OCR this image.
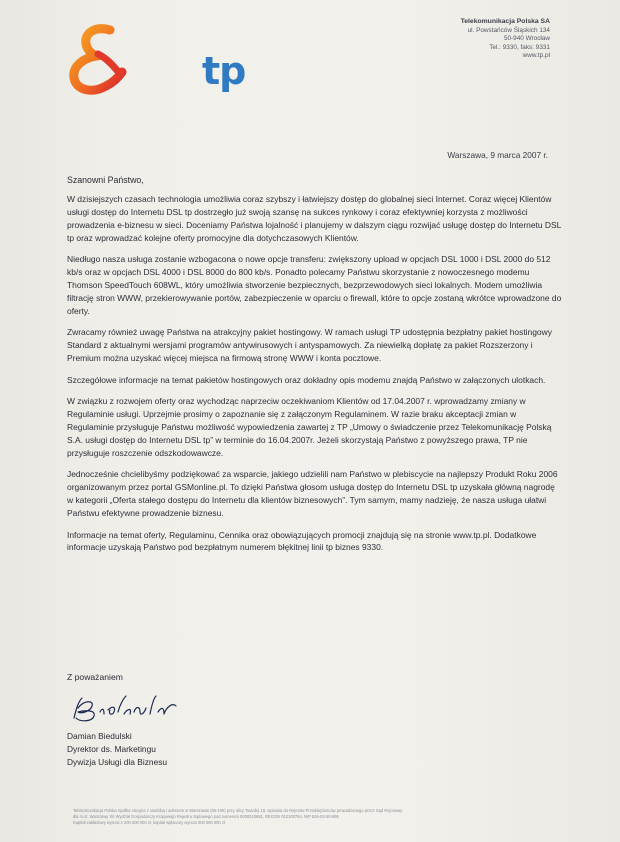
tp
Telekomunikacja Polska SA
ul. Powstańców Śląskich 134
50-940 Wrocław
Tel.: 9330, faks: 9331
www.tp.pl
Warszawa, 9 marca 2007 r.
Szanowni Państwo,

W dzisiejszych czasach technologia umożliwia coraz szybszy i łatwiejszy dostęp do globalnej sieci Internet. Coraz więcej Klientów usługi dostęp do Internetu DSL tp dostrzegło już swoją szansę na sukces rynkowy i coraz efektywniej korzysta z możliwości prowadzenia e-biznesu w sieci. Doceniamy Państwa lojalność i planujemy w dalszym ciągu rozwijać usługę dostęp do Internetu DSL tp oraz wprowadzać kolejne oferty promocyjne dla dotychczasowych Klientów.

Niedługo nasza usługa zostanie wzbogacona o nowe opcje transferu: zwiększony upload w opcjach DSL 1000 i DSL 2000 do 512 kb/s oraz w opcjach DSL 4000 i DSL 8000 do 800 kb/s. Ponadto polecamy Państwu skorzystanie z nowoczesnego modemu Thomson SpeedTouch 608WL, który umożliwia stworzenie bezpiecznych, bezprzewodowych sieci lokalnych. Modem umożliwia filtrację stron WWW, przekierowywanie portów, zabezpieczenie w oparciu o firewall, które to opcje zostaną wkrótce wprowadzone do oferty.

Zwracamy również uwagę Państwa na atrakcyjny pakiet hostingowy. W ramach usługi TP udostępnia bezpłatny pakiet hostingowy Standard z aktualnymi wersjami programów antywirusowych i antyspamowych. Za niewielką dopłatę za pakiet Rozszerzony i Premium można uzyskać więcej miejsca na firmową stronę WWW i konta pocztowe.

Szczegółowe informacje na temat pakietów hostingowych oraz dokładny opis modemu znajdą Państwo w załączonych ulotkach.

W związku z rozwojem oferty oraz wychodząc naprzeciw oczekiwaniom Klientów od 17.04.2007 r. wprowadzamy zmiany w Regulaminie usługi. Uprzejmie prosimy o zapoznanie się z załączonym Regulaminem. W razie braku akceptacji zmian w Regulaminie przysługuje Państwu możliwość wypowiedzenia zawartej z TP „Umowy o świadczenie przez Telekomunikację Polską S.A. usługi dostęp do Internetu DSL tp” w terminie do 16.04.2007r. Jeżeli skorzystają Państwo z powyższego prawa, TP nie przysługuje roszczenie odszkodowawcze.

Jednocześnie chcielibyśmy podziękować za wsparcie, jakiego udzielili nam Państwo w plebiscycie na najlepszy Produkt Roku 2006 organizowanym przez portal GSMonline.pl. To dzięki Państwa głosom usługa dostęp do Internetu DSL tp uzyskała główną nagrodę w kategorii „Oferta stałego dostępu do Internetu dla klientów biznesowych”. Tym samym, mamy nadzieję, że nasza usługa ułatwi Państwu efektywne prowadzenie biznesu.

Informacje na temat oferty, Regulaminu, Cennika oraz obowiązujących promocji znajdują się na stronie www.tp.pl. Dodatkowe informacje uzyskają Państwo pod bezpłatnym numerem błękitnej linii tp biznes 9330.

Z poważaniem
Damian Biedulski
Dyrektor ds. Marketingu
Dywizja Usługi dla Biznesu
Telekomunikacja Polska Spółka Akcyjna z siedzibą i adresem w Warszawie (00-105) przy ulicy Twardej 18, wpisana do Rejestru Przedsiębiorców prowadzonego przez Sąd Rejonowy
dla m.st. Warszawy XII Wydział Gospodarczy Krajowego Rejestru Sądowego pod numerem 0000010681, REGON 012100784, NIP 526-02-50-995
Kapitał zakładowy wynosi 4 200 000 000 zł, kapitał wpłacony wynosi 000 000 000 zł
